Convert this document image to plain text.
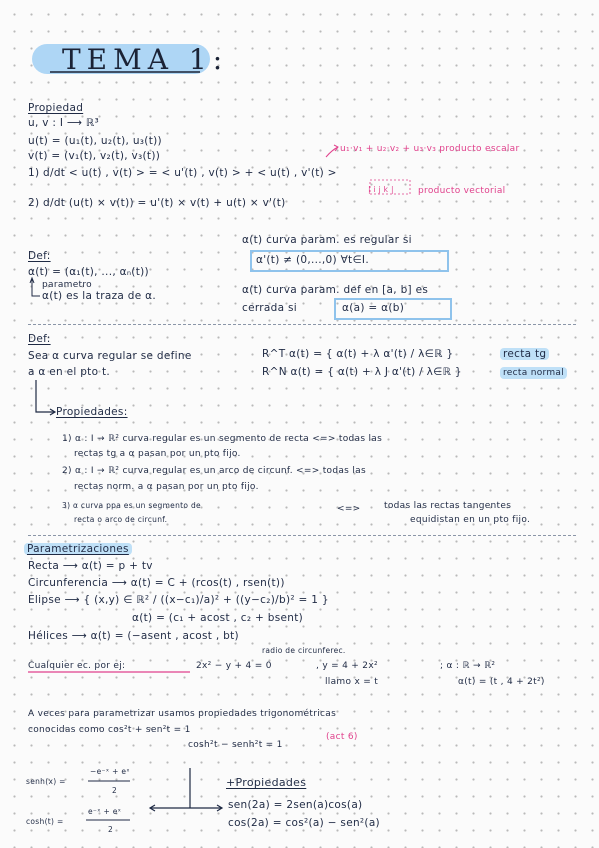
TEMA 1:
Propiedad
u, v : I ⟶ ℝ³
u(t) = (u₁(t), u₂(t), u₃(t))
v(t) = (v₁(t), v₂(t), v₃(t))
1) d/dt < u(t) , v(t) > = < u'(t) , v(t) > + < u(t) , v'(t) >
2) d/dt (u(t) × v(t)) = u'(t) × v(t) + u(t) × v'(t)
u₁·v₁ + u₂·v₂ + u₃·v₃ producto escalar
| i j k |	producto vectorial
Def:
α(t) = (α₁(t), ..., αₙ(t))
parametro
α(t) es la traza de α.
α(t) curva param. es regular si
α'(t) ≠ (0,...,0) ∀t∈I.
α(t) curva param. def en [a, b] es
cerrada si	α(a) = α(b)
Def:
Sea α curva regular se define
a α en el pto t.
R^T α(t) = { α(t) + λ α'(t) / λ∈ℝ }	recta tg
R^N α(t) = { α(t) + λ J α'(t) / λ∈ℝ }	recta normal
Propiedades:
1) α : I → ℝ² curva regular es un segmento de recta <=> todas las
rectas tg a α pasan por un pto fijo.
2) α : I → ℝ² curva regular es un arco de circunf. <=> todas las
rectas norm. a α pasan por un pto fijo.
3) α curva ppa es un segmento de
recta o arco de circunf.
<=>	todas las rectas tangentes
equidistan en un pto fijo.
Parametrizaciones
Recta ⟶ α(t) = p + tv
Circunferencia ⟶ α(t) = C + (rcos(t) , rsen(t))
Elipse ⟶ { (x,y) ∈ ℝ² / ((x−c₁)/a)² + ((y−c₂)/b)² = 1 }
α(t) = (c₁ + acost , c₂ + bsent)
Hélices ⟶ α(t) = (−asent , acost , bt)
radio de circunferec.
Cualquier ec. por ej:	2x² − y + 4 = 0	, y = 4 + 2x²
llamo x = t
; α : ℝ → ℝ²
α(t) = (t , 4 + 2t²)
A veces para parametrizar usamos propiedades trigonométricas
conocidas como cos²t + sen²t = 1
cosh²t − senh²t = 1
(act 6)
senh(x) =
−e⁻ˣ + eˣ
2
cosh(t) =
e⁻ˣ + eˣ
2
+Propiedades
sen(2a) = 2sen(a)cos(a)
cos(2a) = cos²(a) − sen²(a)
